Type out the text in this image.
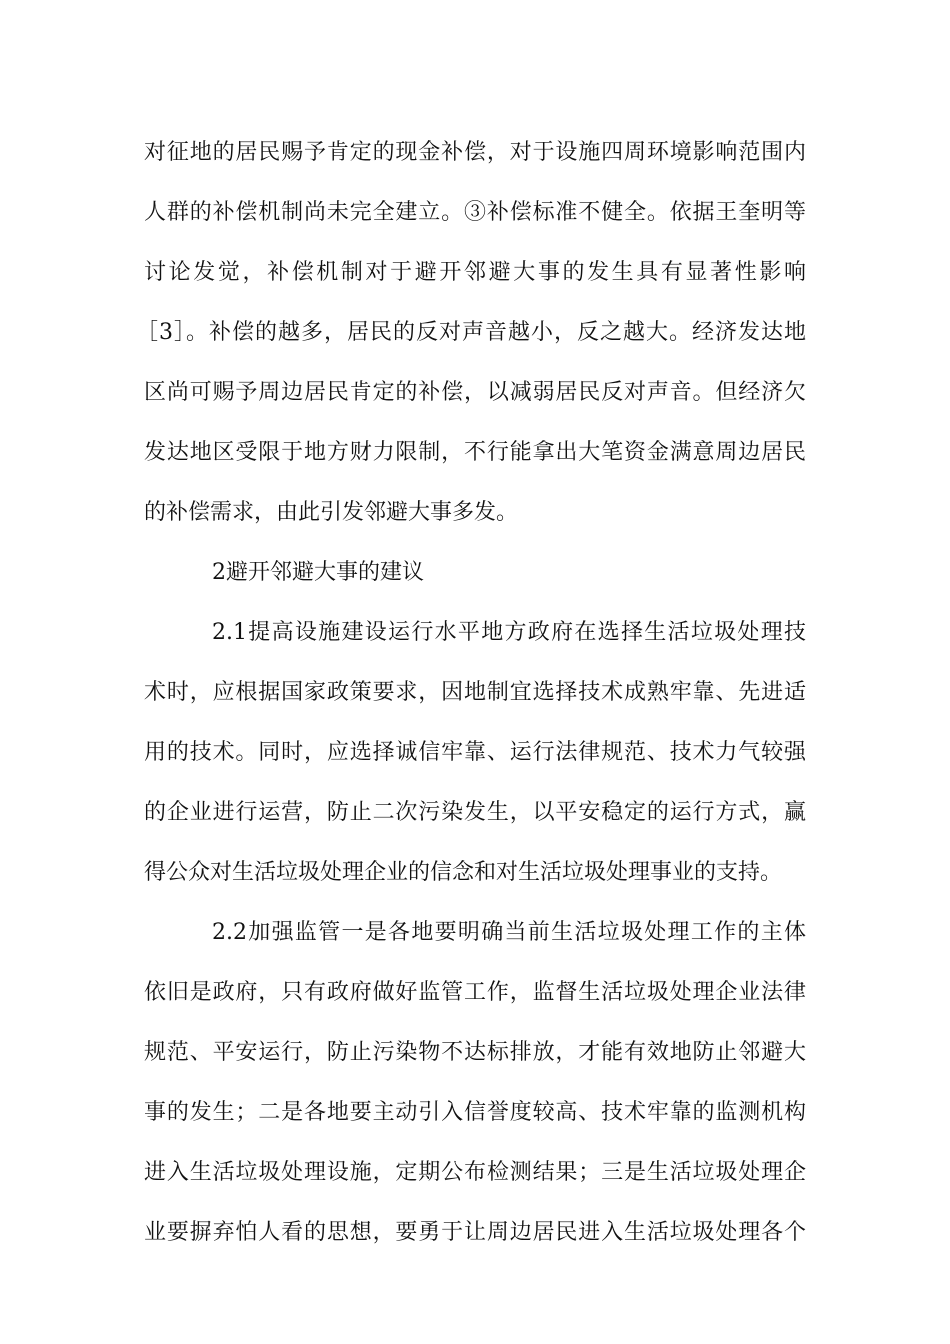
对征地的居民赐予肯定的现金补偿，对于设施四周环境影响范围内
人群的补偿机制尚未完全建立。③补偿标准不健全。依据王奎明等
讨论发觉，补偿机制对于避开邻避大事的发生具有显著性影响
［3］。补偿的越多，居民的反对声音越小，反之越大。经济发达地
区尚可赐予周边居民肯定的补偿，以减弱居民反对声音。但经济欠
发达地区受限于地方财力限制，不行能拿出大笔资金满意周边居民
的补偿需求，由此引发邻避大事多发。
2避开邻避大事的建议
2.1提高设施建设运行水平地方政府在选择生活垃圾处理技
术时，应根据国家政策要求，因地制宜选择技术成熟牢靠、先进适
用的技术。同时，应选择诚信牢靠、运行法律规范、技术力气较强
的企业进行运营，防止二次污染发生，以平安稳定的运行方式，赢
得公众对生活垃圾处理企业的信念和对生活垃圾处理事业的支持。
2.2加强监管一是各地要明确当前生活垃圾处理工作的主体
依旧是政府，只有政府做好监管工作，监督生活垃圾处理企业法律
规范、平安运行，防止污染物不达标排放，才能有效地防止邻避大
事的发生；二是各地要主动引入信誉度较高、技术牢靠的监测机构
进入生活垃圾处理设施，定期公布检测结果；三是生活垃圾处理企
业要摒弃怕人看的思想，要勇于让周边居民进入生活垃圾处理各个
